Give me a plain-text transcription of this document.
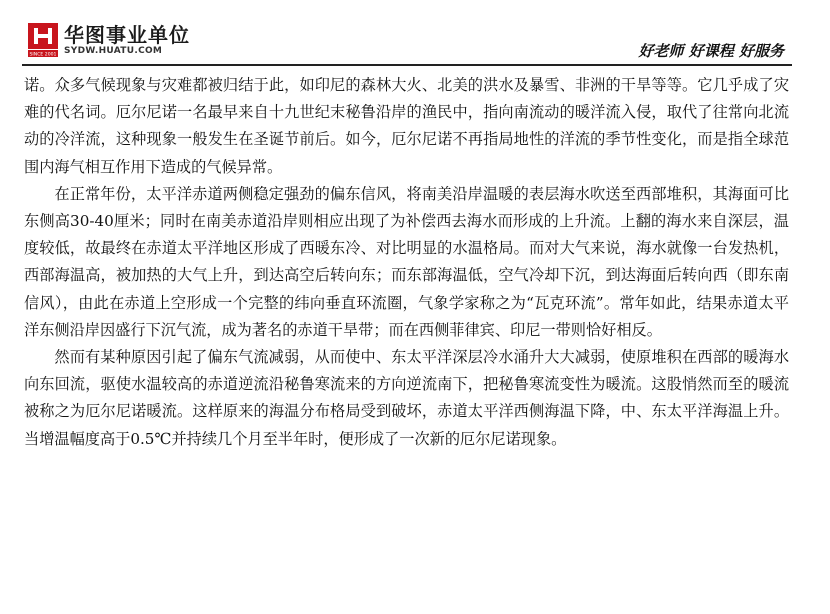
SINCE 2001
华图事业单位
SYDW.HUATU.COM	好老师 好课程 好服务

诺。众多气候现象与灾难都被归结于此，如印尼的森林大火、北美的洪水及暴雪、非洲的干旱等等。它几乎成了灾难的代名词。厄尔尼诺一名最早来自十九世纪末秘鲁沿岸的渔民中，指向南流动的暖洋流入侵，取代了往常向北流动的冷洋流，这种现象一般发生在圣诞节前后。如今，厄尔尼诺不再指局地性的洋流的季节性变化，而是指全球范围内海气相互作用下造成的气候异常。

在正常年份，太平洋赤道两侧稳定强劲的偏东信风，将南美沿岸温暖的表层海水吹送至西部堆积，其海面可比东侧高30-40厘米；同时在南美赤道沿岸则相应出现了为补偿西去海水而形成的上升流。上翻的海水来自深层，温度较低，故最终在赤道太平洋地区形成了西暖东冷、对比明显的水温格局。而对大气来说，海水就像一台发热机，西部海温高，被加热的大气上升，到达高空后转向东；而东部海温低，空气冷却下沉，到达海面后转向西（即东南信风），由此在赤道上空形成一个完整的纬向垂直环流圈，气象学家称之为“瓦克环流”。常年如此，结果赤道太平洋东侧沿岸因盛行下沉气流，成为著名的赤道干旱带；而在西侧菲律宾、印尼一带则恰好相反。

然而有某种原因引起了偏东气流减弱，从而使中、东太平洋深层冷水涌升大大减弱，使原堆积在西部的暖海水向东回流，驱使水温较高的赤道逆流沿秘鲁寒流来的方向逆流南下，把秘鲁寒流变性为暖流。这股悄然而至的暖流被称之为厄尔尼诺暖流。这样原来的海温分布格局受到破坏，赤道太平洋西侧海温下降，中、东太平洋海温上升。当增温幅度高于0.5℃并持续几个月至半年时，便形成了一次新的厄尔尼诺现象。
